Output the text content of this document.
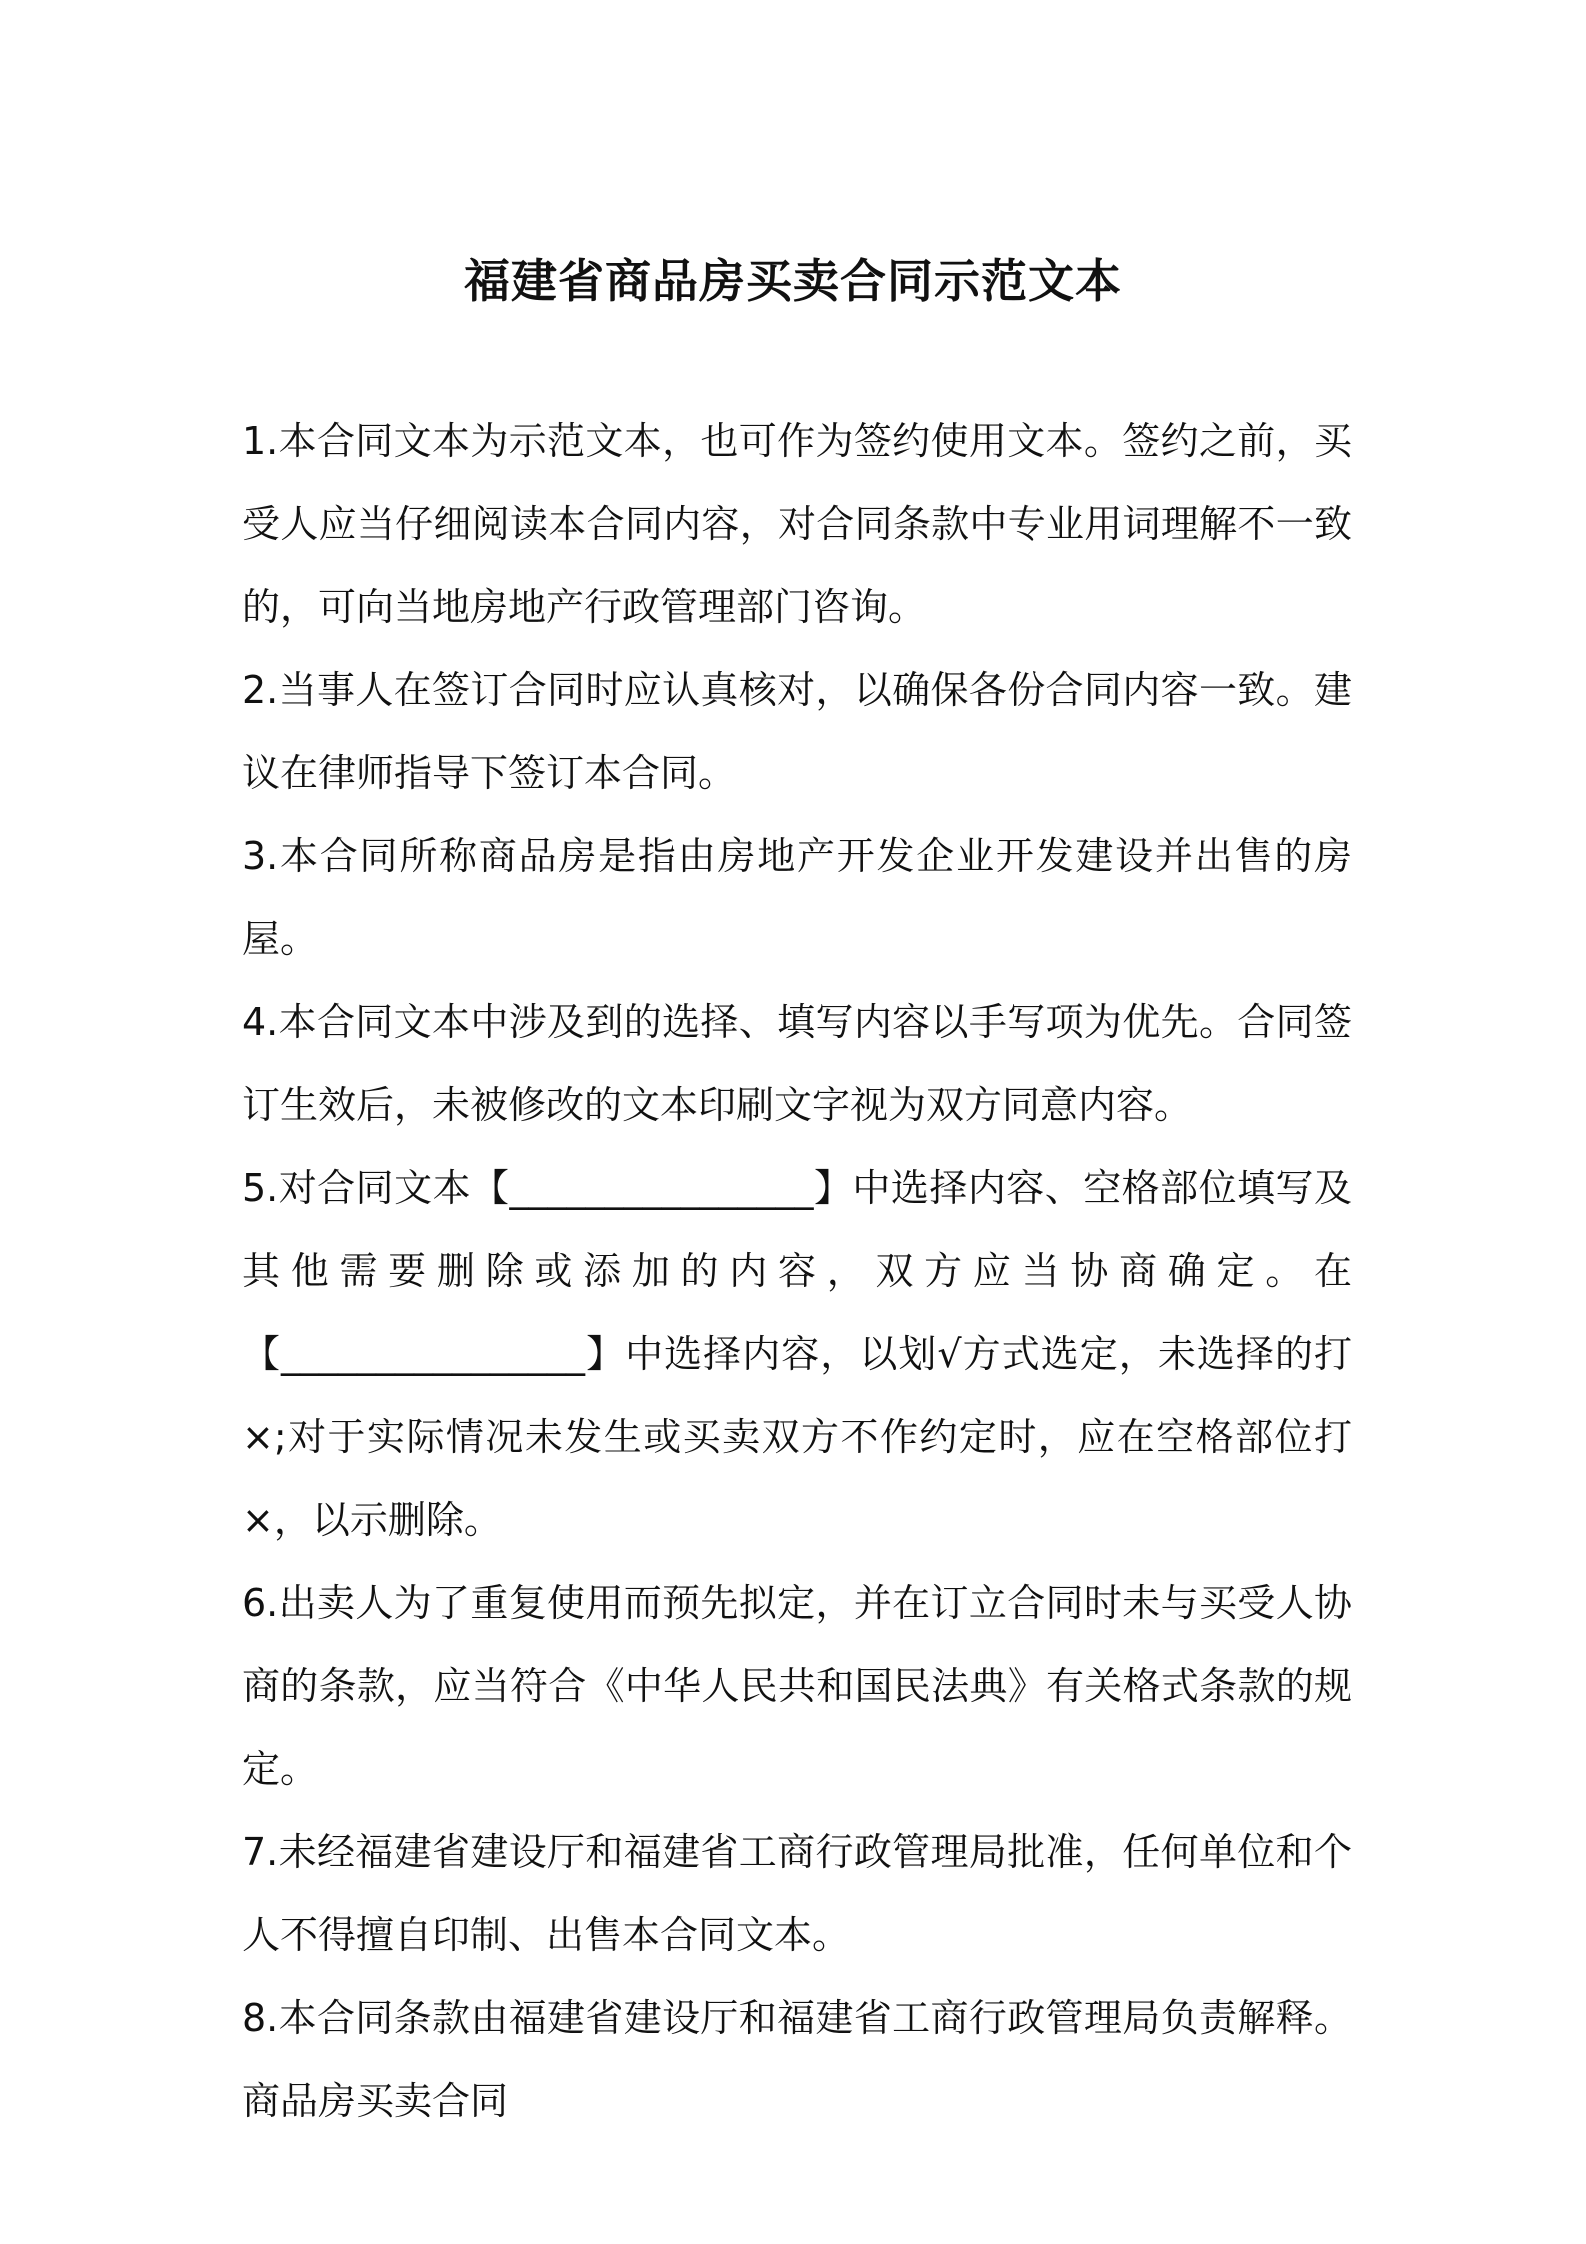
福建省商品房买卖合同示范文本

1.本合同文本为示范文本，也可作为签约使用文本。签约之前，买受人应当仔细阅读本合同内容，对合同条款中专业用词理解不一致的，可向当地房地产行政管理部门咨询。

2.当事人在签订合同时应认真核对，以确保各份合同内容一致。建议在律师指导下签订本合同。

3.本合同所称商品房是指由房地产开发企业开发建设并出售的房屋。

4.本合同文本中涉及到的选择、填写内容以手写项为优先。合同签订生效后，未被修改的文本印刷文字视为双方同意内容。

5.对合同文本【________________】中选择内容、空格部位填写及其他需要删除或添加的内容，双方应当协商确定。在【________________】中选择内容，以划√方式选定，未选择的打×;对于实际情况未发生或买卖双方不作约定时，应在空格部位打×，以示删除。

6.出卖人为了重复使用而预先拟定，并在订立合同时未与买受人协商的条款，应当符合《中华人民共和国民法典》有关格式条款的规定。

7.未经福建省建设厅和福建省工商行政管理局批准，任何单位和个人不得擅自印制、出售本合同文本。

8.本合同条款由福建省建设厅和福建省工商行政管理局负责解释。商品房买卖合同
